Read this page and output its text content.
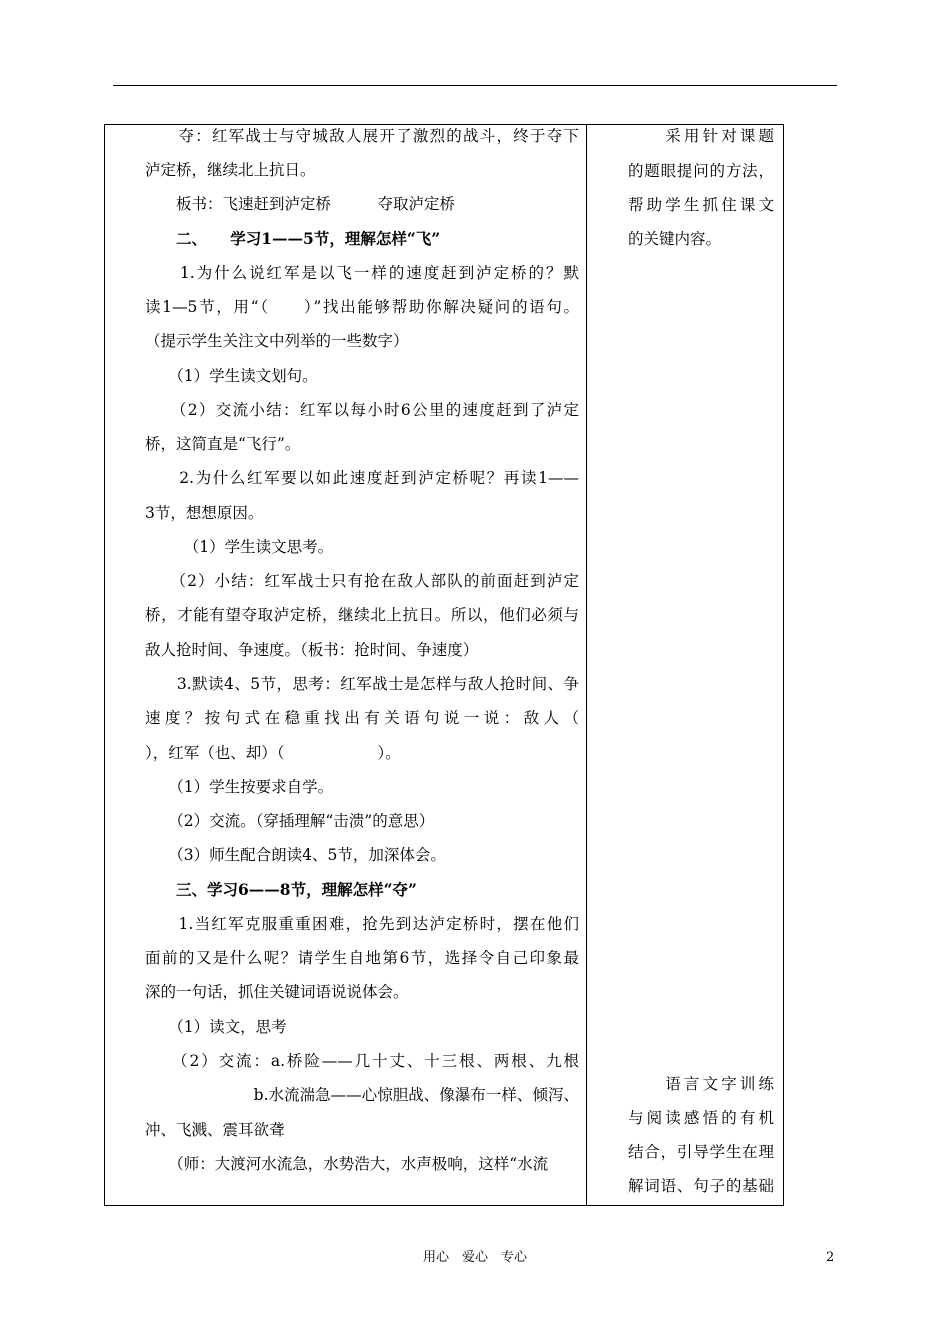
　　夺：红军战士与守城敌人展开了激烈的战斗，终于夺下
泸定桥，继续北上抗日。
　　板书：飞速赶到泸定桥　　　夺取泸定桥
　　二、　　学习1——5节，理解怎样“飞”
　　1.为什么说红军是以飞一样的速度赶到泸定桥的？默
读1—5节，用“（　　）”找出能够帮助你解决疑问的语句。
（提示学生关注文中列举的一些数字）
　　（1）学生读文划句。
　　（2）交流小结：红军以每小时6公里的速度赶到了泸定
桥，这简直是“飞行”。
　　2.为什么红军要以如此速度赶到泸定桥呢？再读1——
3节，想想原因。
　　　（1）学生读文思考。
　　（2）小结：红军战士只有抢在敌人部队的前面赶到泸定
桥，才能有望夺取泸定桥，继续北上抗日。所以，他们必须与
敌人抢时间、争速度。（板书：抢时间、争速度）
　　3.默读4、5节，思考：红军战士是怎样与敌人抢时间、争
速度？按句式在稳重找出有关语句说一说：敌人（
），红军（也、却）（　　　　　　）。
　　（1）学生按要求自学。
　　（2）交流。（穿插理解“击溃”的意思）
　　（3）师生配合朗读4、5节，加深体会。
　　三、学习6——8节，理解怎样“夺”
　　1.当红军克服重重困难，抢先到达泸定桥时，摆在他们
面前的又是什么呢？请学生自地第6节，选择令自己印象最
深的一句话，抓住关键词语说说体会。
　　（1）读文，思考
　　（2）交流：a.桥险——几十丈、十三根、两根、九根
　　　　　　　b.水流湍急——心惊胆战、像瀑布一样、倾泻、
冲、飞溅、震耳欲聋
　　（师：大渡河水流急，水势浩大，水声极响，这样“水流
　　采用针对课题
的题眼提问的方法，
帮助学生抓住课文
的关键内容。
　　语言文字训练
与阅读感悟的有机
结合，引导学生在理
解词语、句子的基础
用心　爱心　专心	2
